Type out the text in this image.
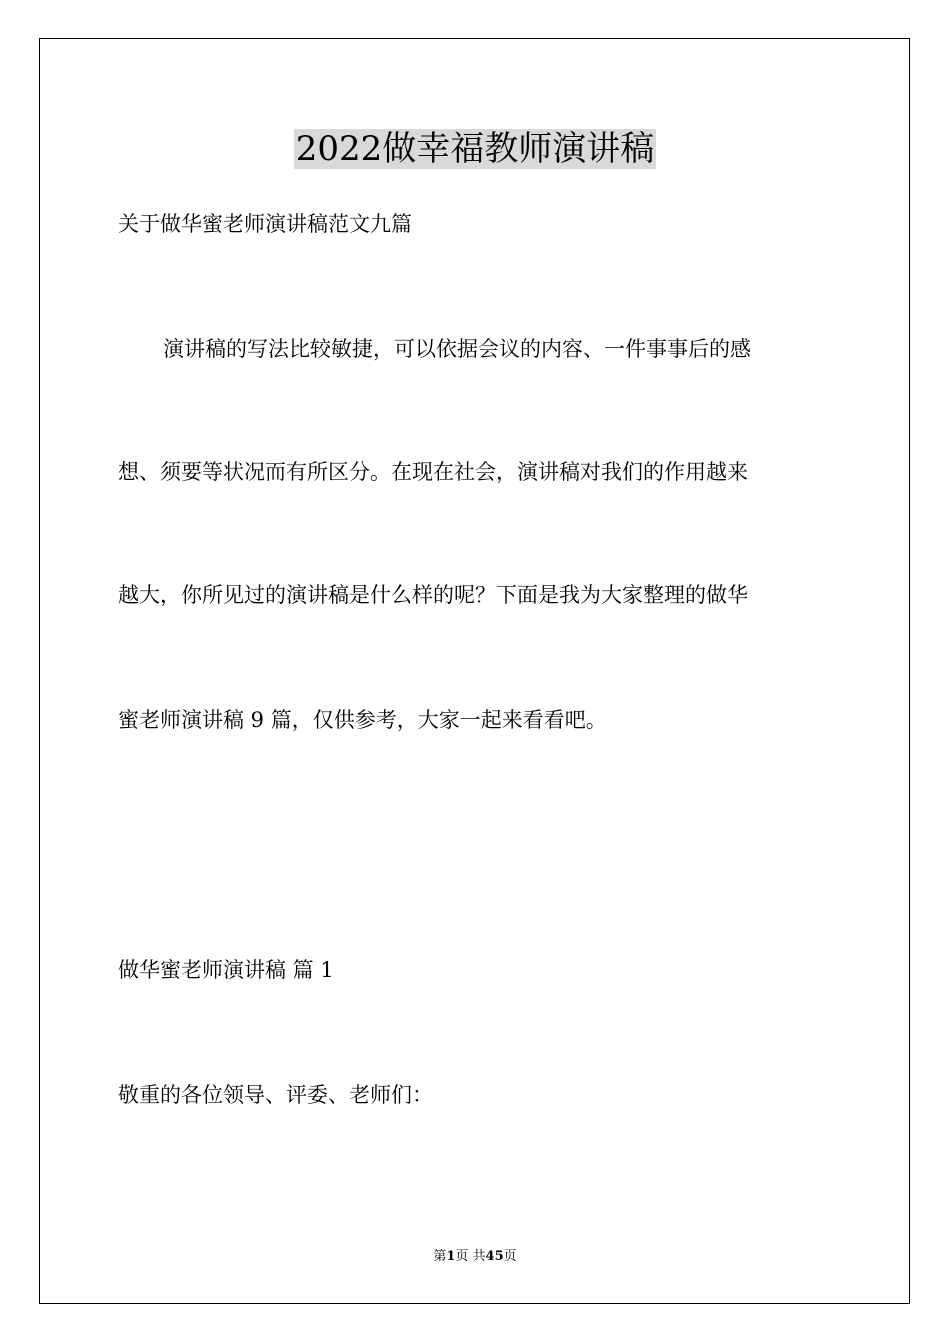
2022做幸福教师演讲稿

关于做华蜜老师演讲稿范文九篇

演讲稿的写法比较敏捷，可以依据会议的内容、一件事事后的感

想、须要等状况而有所区分。在现在社会，演讲稿对我们的作用越来

越大，你所见过的演讲稿是什么样的呢？下面是我为大家整理的做华

蜜老师演讲稿 9 篇，仅供参考，大家一起来看看吧。

做华蜜老师演讲稿 篇 1

敬重的各位领导、评委、老师们：

第1页 共45页
